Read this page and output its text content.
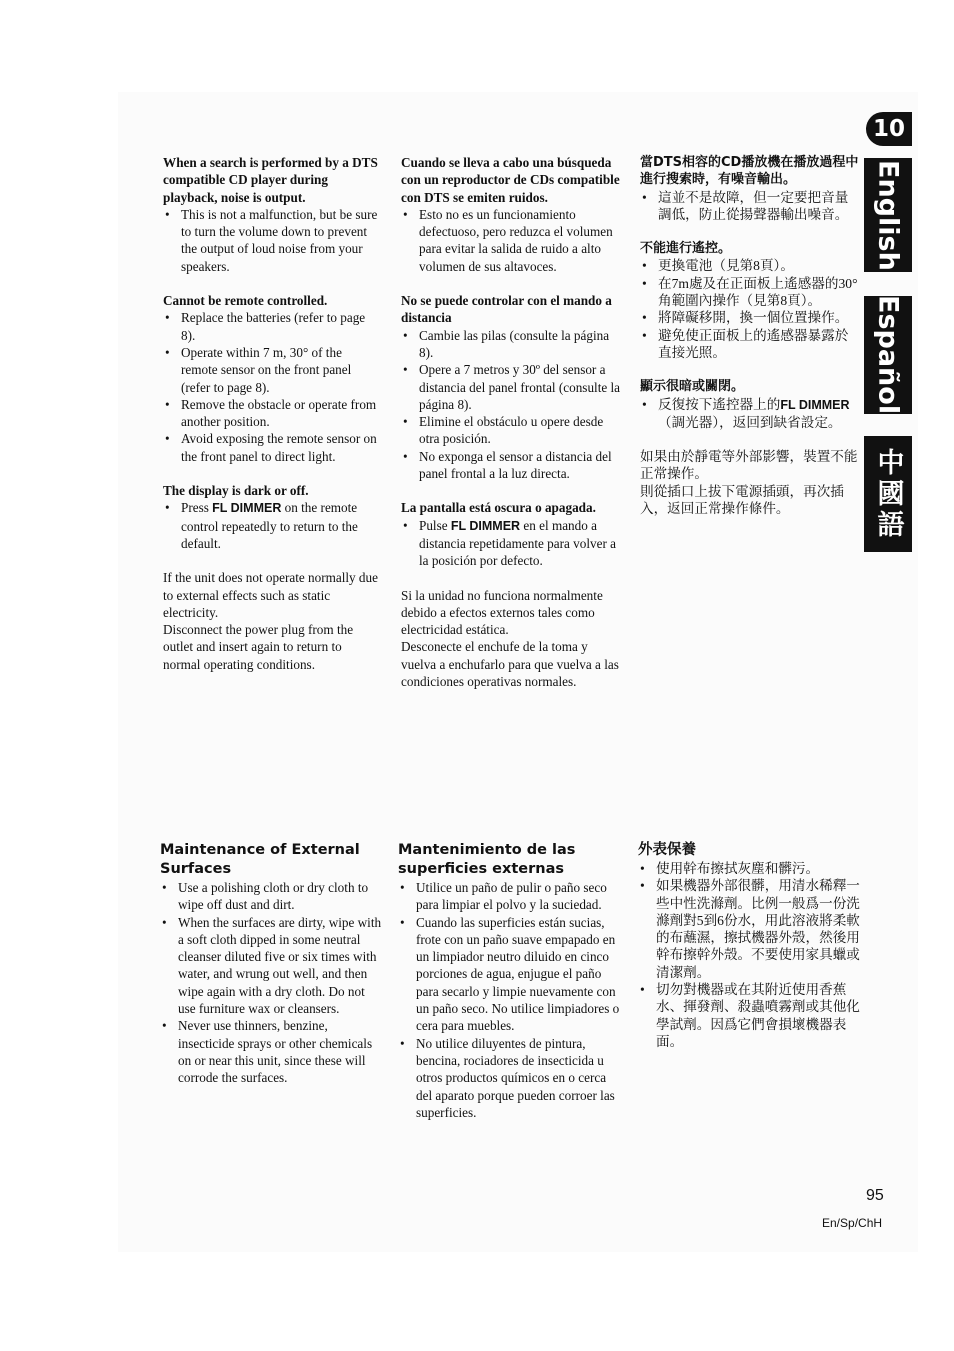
When a search is performed by a DTS compatible CD player during playback, noise is output.

• This is not a malfunction, but be sure to turn the volume down to prevent the output of loud noise from your speakers.

Cannot be remote controlled.

• Replace the batteries (refer to page 8).
• Operate within 7 m, 30° of the remote sensor on the front panel (refer to page 8).
• Remove the obstacle or operate from another position.
• Avoid exposing the remote sensor on the front panel to direct light.

The display is dark or off.

• Press FL DIMMER on the remote control repeatedly to return to the default.

If the unit does not operate normally due to external effects such as static electricity.

Disconnect the power plug from the outlet and insert again to return to normal operating conditions.

Cuando se lleva a cabo una búsqueda con un reproductor de CDs compatible con DTS se emiten ruidos.

• Esto no es un funcionamiento defectuoso, pero reduzca el volumen para evitar la salida de ruido a alto volumen de sus altavoces.

No se puede controlar con el mando a distancia

• Cambie las pilas (consulte la página 8).
• Opere a 7 metros y 30º del sensor a distancia del panel frontal (consulte la página 8).
• Elimine el obstáculo u opere desde otra posición.
• No exponga el sensor a distancia del panel frontal a la luz directa.

La pantalla está oscura o apagada.

• Pulse FL DIMMER en el mando a distancia repetidamente para volver a la posición por defecto.

Si la unidad no funciona normalmente debido a efectos externos tales como electricidad estática.

Desconecte el enchufe de la toma y vuelva a enchufarlo para que vuelva a las condiciones operativas normales.

當DTS相容的CD播放機在播放過程中進行搜索時，有噪音輸出。

• 這並不是故障，但一定要把音量調低，防止從揚聲器輸出噪音。

不能進行遙控。

• 更換電池（見第8頁）。
• 在7m處及在正面板上遙感器的30° 角範圍內操作（見第8頁）。
• 將障礙移開，換一個位置操作。
• 避免使正面板上的遙感器暴露於直接光照。

顯示很暗或關閉。

• 反復按下遙控器上的FL DIMMER（調光器），返回到缺省設定。

如果由於靜電等外部影響，裝置不能正常操作。

則從插口上拔下電源插頭，再次插入，返回正常操作條件。

Maintenance of External Surfaces

• Use a polishing cloth or dry cloth to wipe off dust and dirt.
• When the surfaces are dirty, wipe with a soft cloth dipped in some neutral cleanser diluted five or six times with water, and wrung out well, and then wipe again with a dry cloth. Do not use furniture wax or cleansers.
• Never use thinners, benzine, insecticide sprays or other chemicals on or near this unit, since these will corrode the surfaces.

Mantenimiento de las superficies externas

• Utilice un paño de pulir o paño seco para limpiar el polvo y la suciedad.
• Cuando las superficies están sucias, frote con un paño suave empapado en un limpiador neutro diluido en cinco porciones de agua, enjugue el paño para secarlo y limpie nuevamente con un paño seco. No utilice limpiadores o cera para muebles.
• No utilice diluyentes de pintura, bencina, rociadores de insecticida u otros productos químicos en o cerca del aparato porque pueden corroer las superficies.

外表保養

• 使用幹布擦拭灰塵和髒污。
• 如果機器外部很髒，用清水稀釋一些中性洗滌劑。比例一般爲一份洗滌劑對5到6份水，用此溶液將柔軟的布蘸濕，擦拭機器外殼，然後用幹布擦幹外殼。不要使用家具蠟或清潔劑。
• 切勿對機器或在其附近使用香蕉水、揮發劑、殺蟲噴霧劑或其他化學試劑。因爲它們會損壞機器表面。
10
English
Español
中國語
95
En/Sp/ChH
